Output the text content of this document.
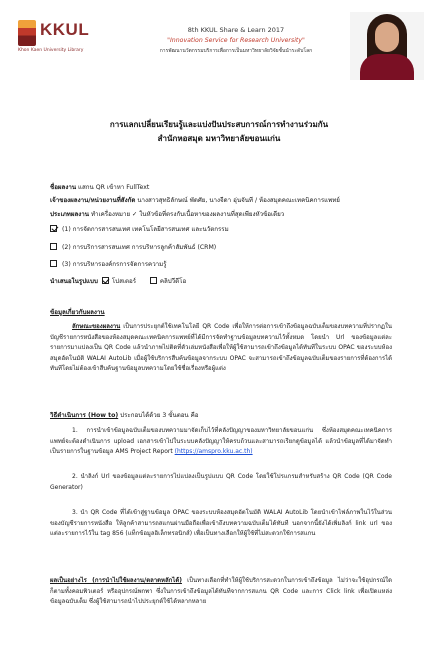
KKUL
Khon Kaen University Library
8th KKUL Share & Learn 2017
"Innovation Service for Research University"
การพัฒนานวัตกรรมบริการเพื่อการเป็นมหาวิทยาลัยวิจัยชั้นนำระดับโลก
การแลกเปลี่ยนเรียนรู้และแบ่งปันประสบการณ์การทำงานร่วมกัน
สำนักหอสมุด มหาวิทยาลัยขอนแก่น
ชื่อผลงาน แสกน QR เข้าหา FullText
เจ้าของผลงาน/หน่วยงานที่สังกัด นางสาวสุทธิลักษณ์ พัดศัย, นางจีดา อุ่นจันที / ห้องสมุดคณะเทคนิคการแพทย์
ประเภทผลงาน ทำเครื่องหมาย ✓ ในหัวข้อที่ตรงกับเนื้อหาของผลงานที่สุดเพียงหัวข้อเดียว
(1) การจัดการสารสนเทศ เทคโนโลยีสารสนเทศ และนวัตกรรม
(2) การบริการสารสนเทศ การบริหารลูกค้าสัมพันธ์ (CRM)
(3) การบริหารองค์กรการจัดการความรู้
นำเสนอในรูปแบบ โปสเตอร์	คลิปวีดีโอ
ข้อมูลเกี่ยวกับผลงาน
ลักษณะของผลงาน เป็นการประยุกต์ใช้เทคโนโลยี QR Code เพื่อให้การต่อการเข้าถึงข้อมูลฉบับเต็มของบทความที่ปรากฏในบัญชีรายการหนังสือของห้องสมุดคณะเทคนิคการแพทย์ที่ได้มีการจัดทำฐานข้อมูลบทความไว้ทั้งหมด โดยนำ Url ของข้อมูลแต่ละรายการมาแปลงเป็น QR Code แล้วนำภาพไปติดที่ตัวเล่มหนังสือเพื่อให้ผู้ใช้สามารถเข้าถึงข้อมูลได้ทันทีในระบบ OPAC ของระบบห้องสมุดอัตโนมัติ WALAI AutoLib เมื่อผู้ใช้บริการสืบค้นข้อมูลจากระบบ OPAC จะสามารถเข้าถึงข้อมูลฉบับเต็มของรายการที่ต้องการได้ทันทีโดยไม่ต้องเข้าสืบค้นฐานข้อมูลบทความโดยใช้ชื่อเรื่องหรือผู้แต่ง
วิธีดำเนินการ (How to) ประกอบได้ด้วย 3 ขั้นตอน คือ
1. การนำเข้าข้อมูลฉบับเต็มของบทความมาจัดเก็บไว้ที่คลังปัญญาของมหาวิทยาลัยขอนแก่น ซึ่งห้องสมุดคณะเทคนิคการแพทย์จะต้องดำเนินการ upload เอกสารเข้าไปในระบบคลังปัญญาให้ครบถ้วนและสามารถเรียกดูข้อมูลได้ แล้วนำข้อมูลที่ได้มาจัดทำเป็นรายการในฐานข้อมูล AMS Project Report (https://amspro.kku.ac.th)
2. นำลิงก์ Url ของข้อมูลแต่ละรายการไปแปลงเป็นรูปแบบ QR Code โดยใช้โปรแกรมสำหรับสร้าง QR Code (QR Code Generator)
3. นำ QR Code ที่ได้เข้าสู่ฐานข้อมูล OPAC ของระบบห้องสมุดอัตโนมัติ WALAI AutoLib โดยนำเข้าไฟล์ภาพในไว้ในส่วนของบัญชีรายการหนังสือ ให้ลูกค้าสามารถสแกนผ่านมือถือเพื่อเข้าถึงบทความฉบับเต็มได้ทันที นอกจากนี้ยังได้เพิ่มลิงก์ link url ของแต่ละรายการไว้ใน tag 856 (แท็กข้อมูลอิเล็กทรอนิกส์) เพื่อเป็นทางเลือกให้ผู้ใช้ที่ไม่สะดวกใช้การสแกน
ผลเป็นอย่างไร (การนำไปใช้ผลงาน/ตลาดหลักได้) เป็นทางเลือกที่ทำให้ผู้ใช้บริการสะดวกในการเข้าถึงข้อมูล ไม่ว่าจะใช้อุปกรณ์ใดก็ตามทั้งคอมพิวเตอร์ หรืออุปกรณ์พกพา ซึ่งในการเข้าถึงข้อมูลได้ทันทีจากการสแกน QR Code และการ Click link เพื่อเปิดแหล่งข้อมูลฉบับเต็ม ซึ่งผู้ใช้สามารถนำไปประยุกต์ใช้ได้หลากหลาย
